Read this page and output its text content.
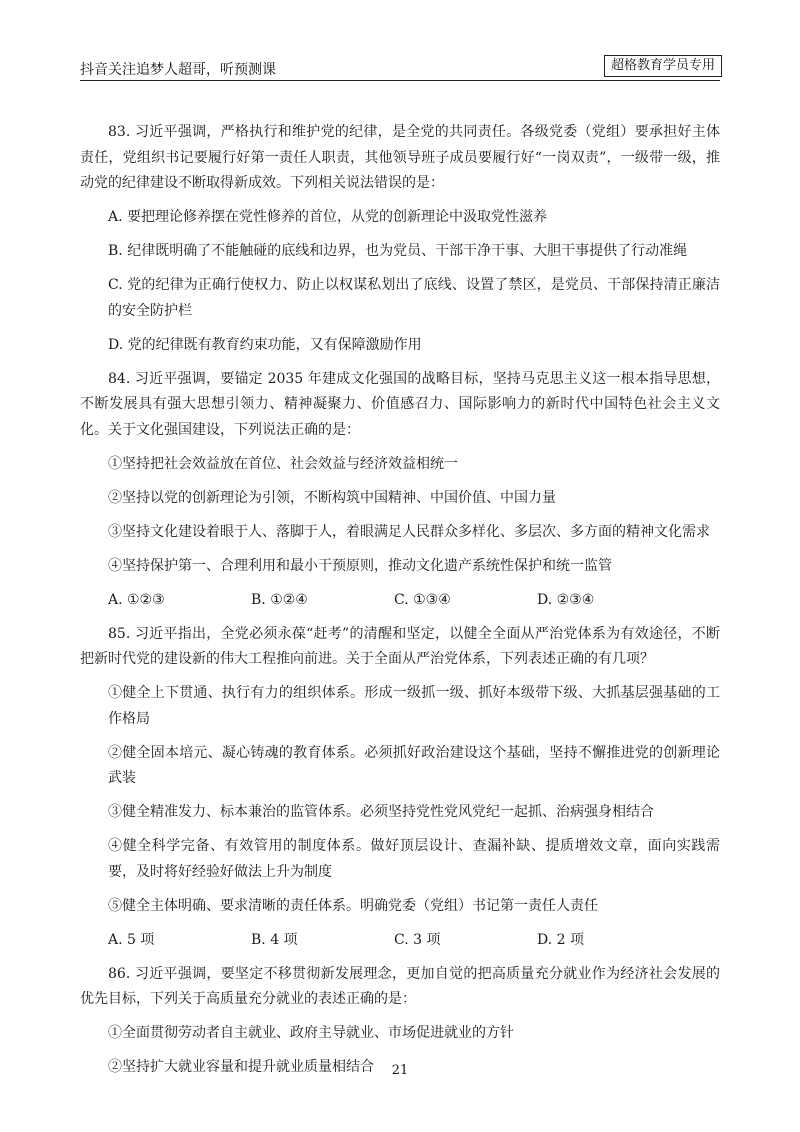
抖音关注追梦人超哥，听预测课	超格教育学员专用
83. 习近平强调，严格执行和维护党的纪律，是全党的共同责任。各级党委（党组）要承担好主体责任，党组织书记要履行好第一责任人职责，其他领导班子成员要履行好“一岗双责”，一级带一级，推动党的纪律建设不断取得新成效。下列相关说法错误的是：
A. 要把理论修养摆在党性修养的首位，从党的创新理论中汲取党性滋养
B. 纪律既明确了不能触碰的底线和边界，也为党员、干部干净干事、大胆干事提供了行动准绳
C. 党的纪律为正确行使权力、防止以权谋私划出了底线、设置了禁区，是党员、干部保持清正廉洁的安全防护栏
D. 党的纪律既有教育约束功能，又有保障激励作用
84. 习近平强调，要锚定 2035 年建成文化强国的战略目标，坚持马克思主义这一根本指导思想，不断发展具有强大思想引领力、精神凝聚力、价值感召力、国际影响力的新时代中国特色社会主义文化。关于文化强国建设，下列说法正确的是：
①坚持把社会效益放在首位、社会效益与经济效益相统一
②坚持以党的创新理论为引领，不断构筑中国精神、中国价值、中国力量
③坚持文化建设着眼于人、落脚于人，着眼满足人民群众多样化、多层次、多方面的精神文化需求
④坚持保护第一、合理利用和最小干预原则，推动文化遗产系统性保护和统一监管
A. ①②③	B. ①②④	C. ①③④	D. ②③④
85. 习近平指出，全党必须永葆“赶考”的清醒和坚定，以健全全面从严治党体系为有效途径，不断把新时代党的建设新的伟大工程推向前进。关于全面从严治党体系，下列表述正确的有几项？
①健全上下贯通、执行有力的组织体系。形成一级抓一级、抓好本级带下级、大抓基层强基础的工作格局
②健全固本培元、凝心铸魂的教育体系。必须抓好政治建设这个基础，坚持不懈推进党的创新理论武装
③健全精准发力、标本兼治的监管体系。必须坚持党性党风党纪一起抓、治病强身相结合
④健全科学完备、有效管用的制度体系。做好顶层设计、查漏补缺、提质增效文章，面向实践需要，及时将好经验好做法上升为制度
⑤健全主体明确、要求清晰的责任体系。明确党委（党组）书记第一责任人责任
A. 5 项	B. 4 项	C. 3 项	D. 2 项
86. 习近平强调，要坚定不移贯彻新发展理念，更加自觉的把高质量充分就业作为经济社会发展的优先目标，下列关于高质量充分就业的表述正确的是：
①全面贯彻劳动者自主就业、政府主导就业、市场促进就业的方针
②坚持扩大就业容量和提升就业质量相结合	21
